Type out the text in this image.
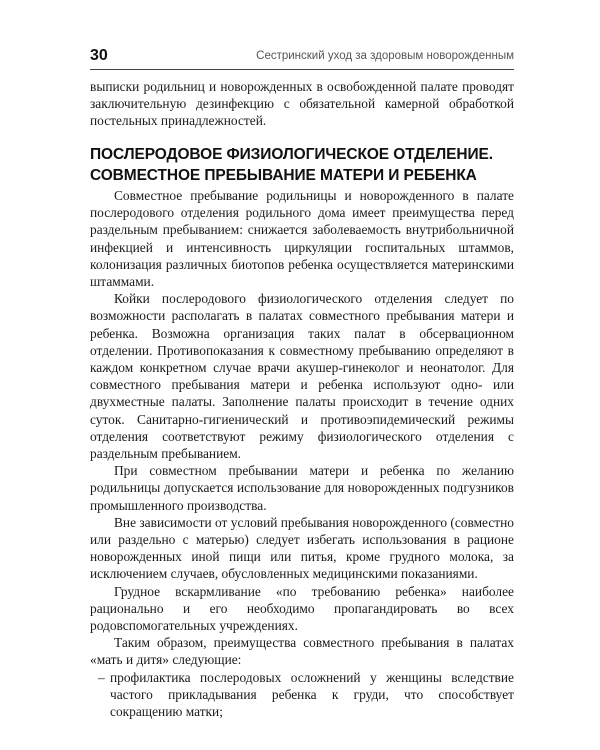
30	Сестринский уход за здоровым новорожденным

выписки родильниц и новорожденных в освобожденной палате проводят заключительную дезинфекцию с обязательной камерной обработкой постельных принадлежностей.

ПОСЛЕРОДОВОЕ ФИЗИОЛОГИЧЕСКОЕ ОТДЕЛЕНИЕ.
СОВМЕСТНОЕ ПРЕБЫВАНИЕ МАТЕРИ И РЕБЕНКА

Совместное пребывание родильницы и новорожденного в палате послеродового отделения родильного дома имеет преимущества перед раздельным пребыванием: снижается заболеваемость внутрибольничной инфекцией и интенсивность циркуляции госпитальных штаммов, колонизация различных биотопов ребенка осуществляется материнскими штаммами.

Койки послеродового физиологического отделения следует по возможности располагать в палатах совместного пребывания матери и ребенка. Возможна организация таких палат в обсервационном отделении. Противопоказания к совместному пребыванию определяют в каждом конкретном случае врачи акушер-гинеколог и неонатолог. Для совместного пребывания матери и ребенка используют одно- или двухместные палаты. Заполнение палаты происходит в течение одних суток. Санитарно-гигиенический и противоэпидемический режимы отделения соответствуют режиму физиологического отделения с раздельным пребыванием.

При совместном пребывании матери и ребенка по желанию родильницы допускается использование для новорожденных подгузников промышленного производства.

Вне зависимости от условий пребывания новорожденного (совместно или раздельно с матерью) следует избегать использования в рационе новорожденных иной пищи или питья, кроме грудного молока, за исключением случаев, обусловленных медицинскими показаниями.

Грудное вскармливание «по требованию ребенка» наиболее рационально и его необходимо пропагандировать во всех родовспомогательных учреждениях.

Таким образом, преимущества совместного пребывания в палатах «мать и дитя» следующие:

– профилактика послеродовых осложнений у женщины вследствие частого прикладывания ребенка к груди, что способствует сокращению матки;
